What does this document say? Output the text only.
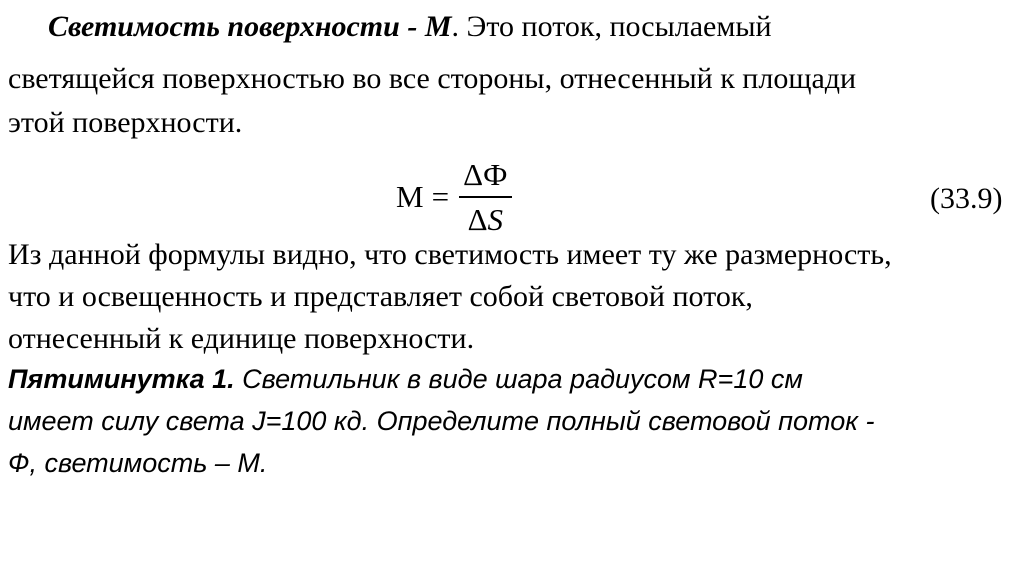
Светимость поверхности - М. Это поток, посылаемый
светящейся поверхностью во все стороны, отнесенный к площади
этой поверхности.
$М = \frac{\Delta Ф}{\Delta S}$	(33.9)
Из данной формулы видно, что светимость имеет ту же размерность,
что и освещенность и представляет собой световой поток,
отнесенный к единице поверхности.
Пятиминутка 1. Светильник в виде шара радиусом R=10 см
имеет силу света J=100 кд. Определите полный световой поток -
Ф, светимость – М.
